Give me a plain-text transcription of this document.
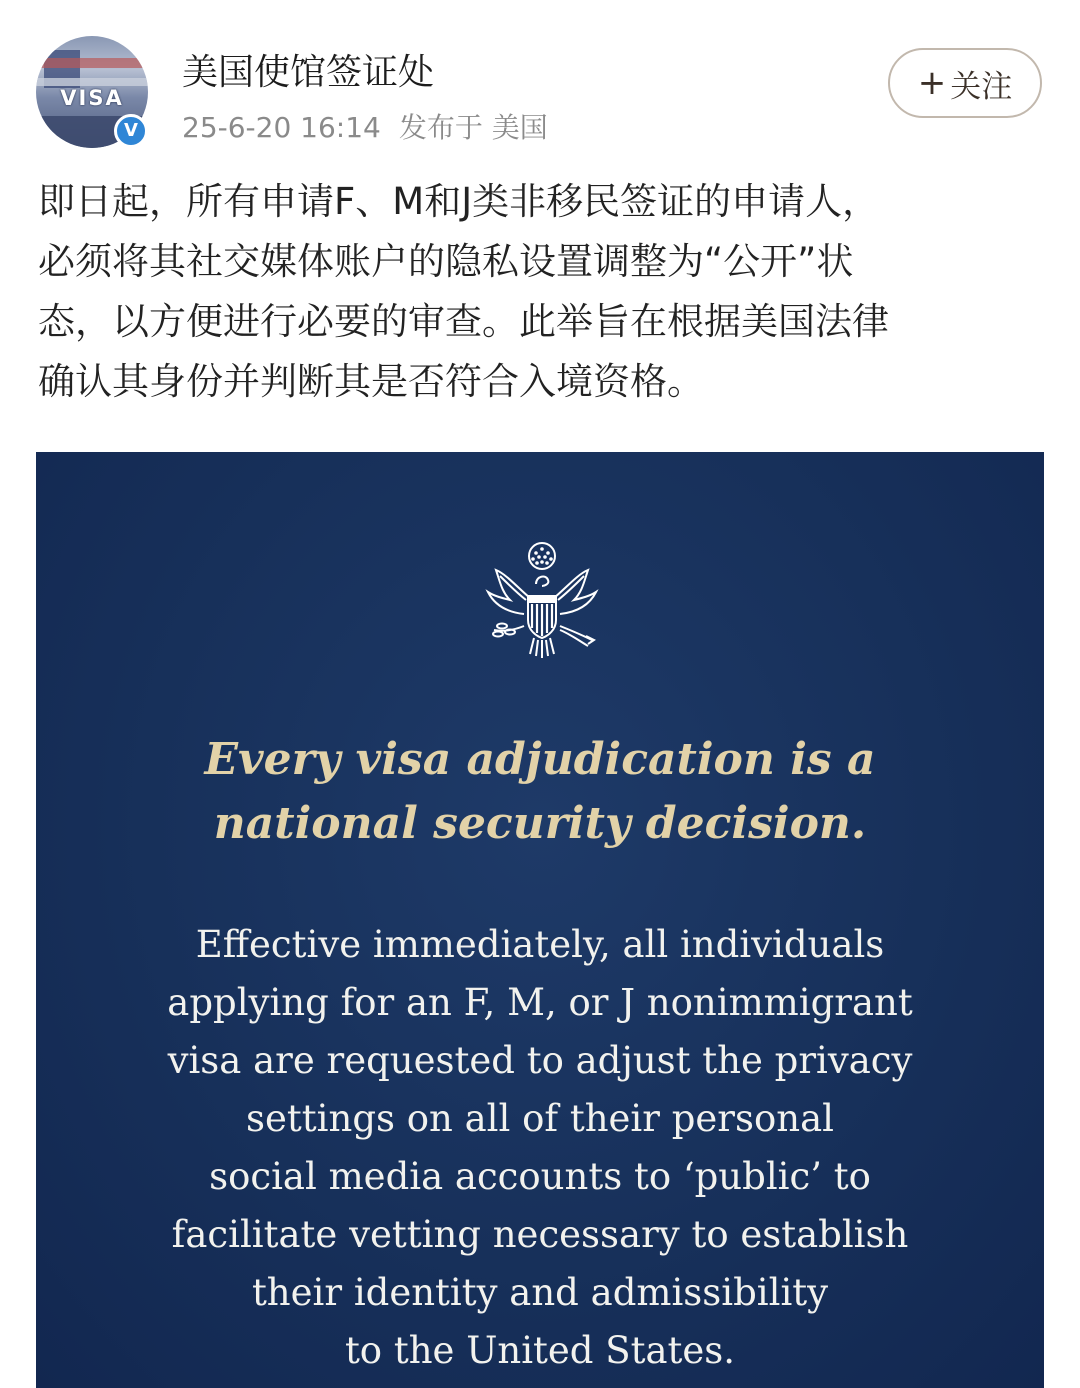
VISA
V
美国使馆签证处
25-6-20 16:14 发布于 美国
+ 关注

即日起，所有申请F、M和J类非移民签证的申请人，
必须将其社交媒体账户的隐私设置调整为“公开”状
态，以方便进行必要的审查。此举旨在根据美国法律
确认其身份并判断其是否符合入境资格。

Every visa adjudication is a
national security decision.
Effective immediately, all individuals
applying for an F, M, or J nonimmigrant
visa are requested to adjust the privacy
settings on all of their personal
social media accounts to ‘public’ to
facilitate vetting necessary to establish
their identity and admissibility
to the United States.
